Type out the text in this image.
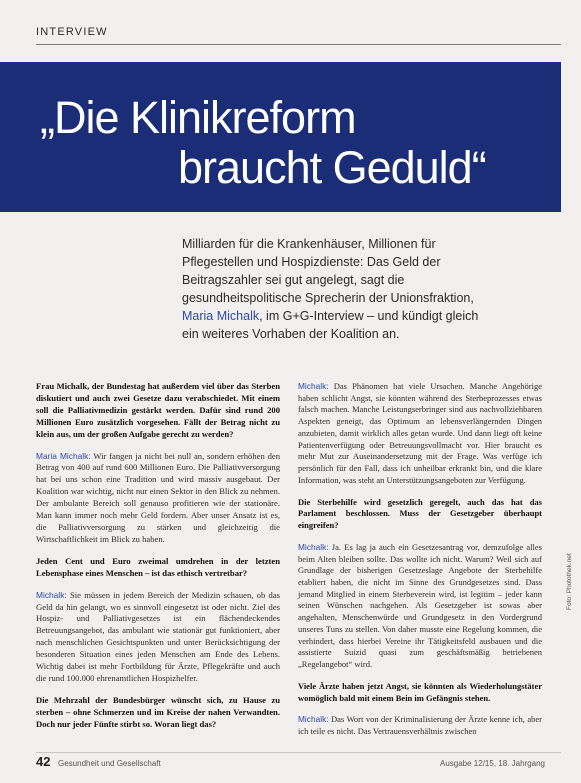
INTERVIEW
„Die Klinikreform
braucht Geduld“

Milliarden für die Krankenhäuser, Millionen für Pflegestellen und Hospizdienste: Das Geld der Beitragszahler sei gut angelegt, sagt die gesundheitspolitische Sprecherin der Unionsfraktion, Maria Michalk, im G+G-Interview – und kündigt gleich ein weiteres Vorhaben der Koalition an.

Frau Michalk, der Bundestag hat außerdem viel über das Sterben diskutiert und auch zwei Gesetze dazu verabschiedet. Mit einem soll die Palliativmedizin gestärkt werden. Dafür sind rund 200 Millionen Euro zusätzlich vorgesehen. Fällt der Betrag nicht zu klein aus, um der großen Aufgabe gerecht zu werden?

Maria Michalk: Wir fangen ja nicht bei null an, sondern erhöhen den Betrag von 400 auf rund 600 Millionen Euro. Die Palliativversorgung hat bei uns schon eine Tradition und wird massiv ausgebaut. Der Koalition war wichtig, nicht nur einen Sektor in den Blick zu nehmen. Der ambulante Bereich soll genauso profitieren wie der stationäre. Man kann immer noch mehr Geld fordern. Aber unser Ansatz ist es, die Palliativversorgung zu stärken und gleichzeitig die Wirtschaftlichkeit im Blick zu haben.

Jeden Cent und Euro zweimal umdrehen in der letzten Lebensphase eines Menschen – ist das ethisch vertretbar?

Michalk: Sie müssen in jedem Bereich der Medizin schauen, ob das Geld da hin gelangt, wo es sinnvoll eingesetzt ist oder nicht. Ziel des Hospiz- und Palliativgesetzes ist ein flächendeckendes Betreuungsangebot, das ambulant wie stationär gut funktioniert, aber nach menschlichen Gesichtspunkten und unter Berücksichtigung der besonderen Situation eines jeden Menschen am Ende des Lebens. Wichtig dabei ist mehr Fortbildung für Ärzte, Pflegekräfte und auch die rund 100.000 ehrenamtlichen Hospizhelfer.

Die Mehrzahl der Bundesbürger wünscht sich, zu Hause zu sterben – ohne Schmerzen und im Kreise der nahen Verwandten. Doch nur jeder Fünfte stirbt so. Woran liegt das?

Michalk: Das Phänomen hat viele Ursachen. Manche Angehörige haben schlicht Angst, sie könnten während des Sterbeprozesses etwas falsch machen. Manche Leistungserbringer sind aus nachvollziehbaren Aspekten geneigt, das Optimum an lebensverlängernden Dingen anzubieten, damit wirklich alles getan wurde. Und dann liegt oft keine Patientenverfügung oder Betreuungsvollmacht vor. Hier braucht es mehr Mut zur Auseinandersetzung mit der Frage. Was verfüge ich persönlich für den Fall, dass ich unheilbar erkrankt bin, und die klare Information, was steht an Unterstützungsangeboten zur Verfügung.

Die Sterbehilfe wird gesetzlich geregelt, auch das hat das Parlament beschlossen. Muss der Gesetzgeber überhaupt eingreifen?

Michalk: Ja. Es lag ja auch ein Gesetzesantrag vor, demzufolge alles beim Alten bleiben sollte. Das wollte ich nicht. Warum? Weil sich auf Grundlage der bisherigen Gesetzeslage Angebote der Sterbehilfe etabliert haben, die nicht im Sinne des Grundgesetzes sind. Dass jemand Mitglied in einem Sterbeverein wird, ist legitim – jeder kann seinen Wünschen nachgehen. Als Gesetzgeber ist sowas aber angehalten, Menschenwürde und Grundgesetz in den Vordergrund unseres Tuns zu stellen. Von daher musste eine Regelung kommen, die verhindert, dass hierbei Vereine ihr Tätigkeitsfeld ausbauen und die assistierte Suizid quasi zum geschäftsmäßig betriebenen „Regelangebot“ wird.

Viele Ärzte haben jetzt Angst, sie könnten als Wiederholungstäter womöglich bald mit einem Bein im Gefängnis stehen.

Michalk: Das Wort von der Kriminalisierung der Ärzte kenne ich, aber ich teile es nicht. Das Vertrauensverhältnis zwischen

Foto: Photothek.net
42 Gesundheit und Gesellschaft	Ausgabe 12/15, 18. Jahrgang
